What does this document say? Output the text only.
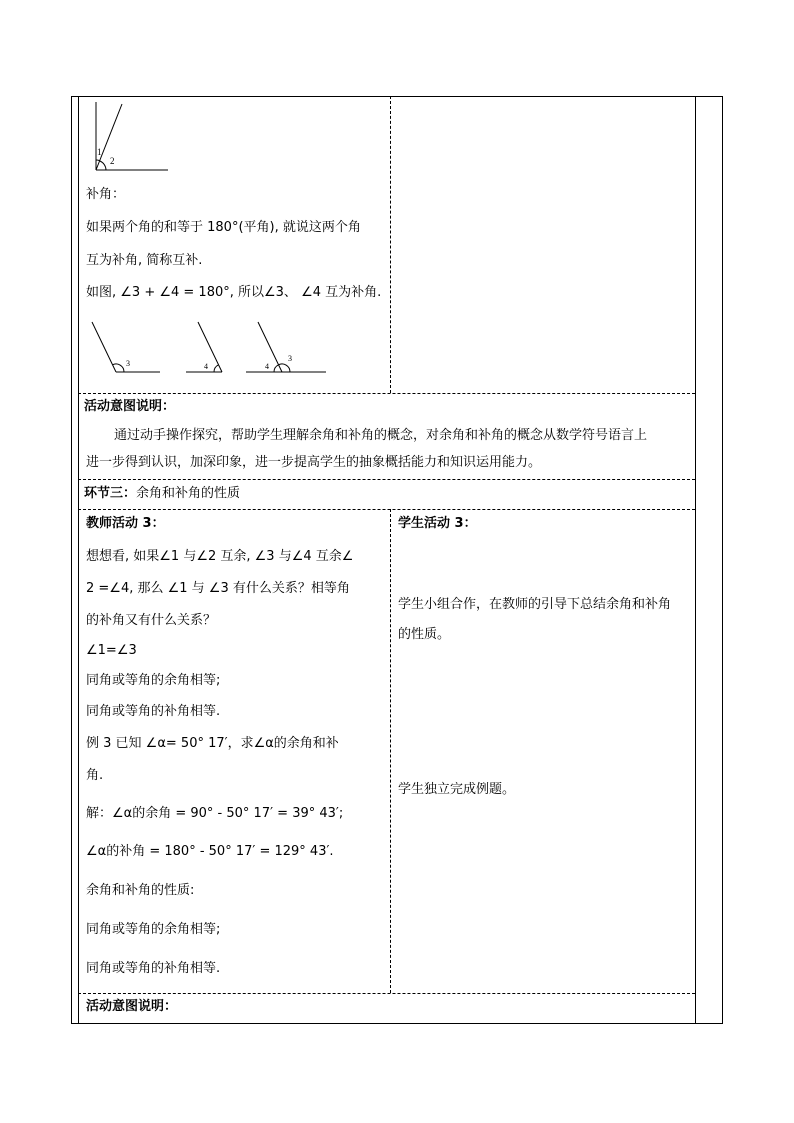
1
2
补角：
如果两个角的和等于 180°(平角), 就说这两个角
互为补角, 简称互补.
如图, ∠3 + ∠4 = 180°, 所以∠3、 ∠4 互为补角.
3	4	4
3
活动意图说明：
通过动手操作探究，帮助学生理解余角和补角的概念，对余角和补角的概念从数学符号语言上
进一步得到认识，加深印象，进一步提高学生的抽象概括能力和知识运用能力。
环节三：余角和补角的性质
教师活动 3：
想想看, 如果∠1 与∠2 互余, ∠3 与∠4 互余∠
2 =∠4, 那么 ∠1 与 ∠3 有什么关系？相等角
的补角又有什么关系？
∠1=∠3
同角或等角的余角相等;
同角或等角的补角相等.
例 3 已知 ∠α= 50° 17′，求∠α的余角和补
角.
解：∠α的余角 = 90° - 50° 17′ = 39° 43′;
∠α的补角 = 180° - 50° 17′ = 129° 43′.
余角和补角的性质:
同角或等角的余角相等;
同角或等角的补角相等.
学生活动 3：
学生小组合作，在教师的引导下总结余角和补角
的性质。
学生独立完成例题。
活动意图说明：
